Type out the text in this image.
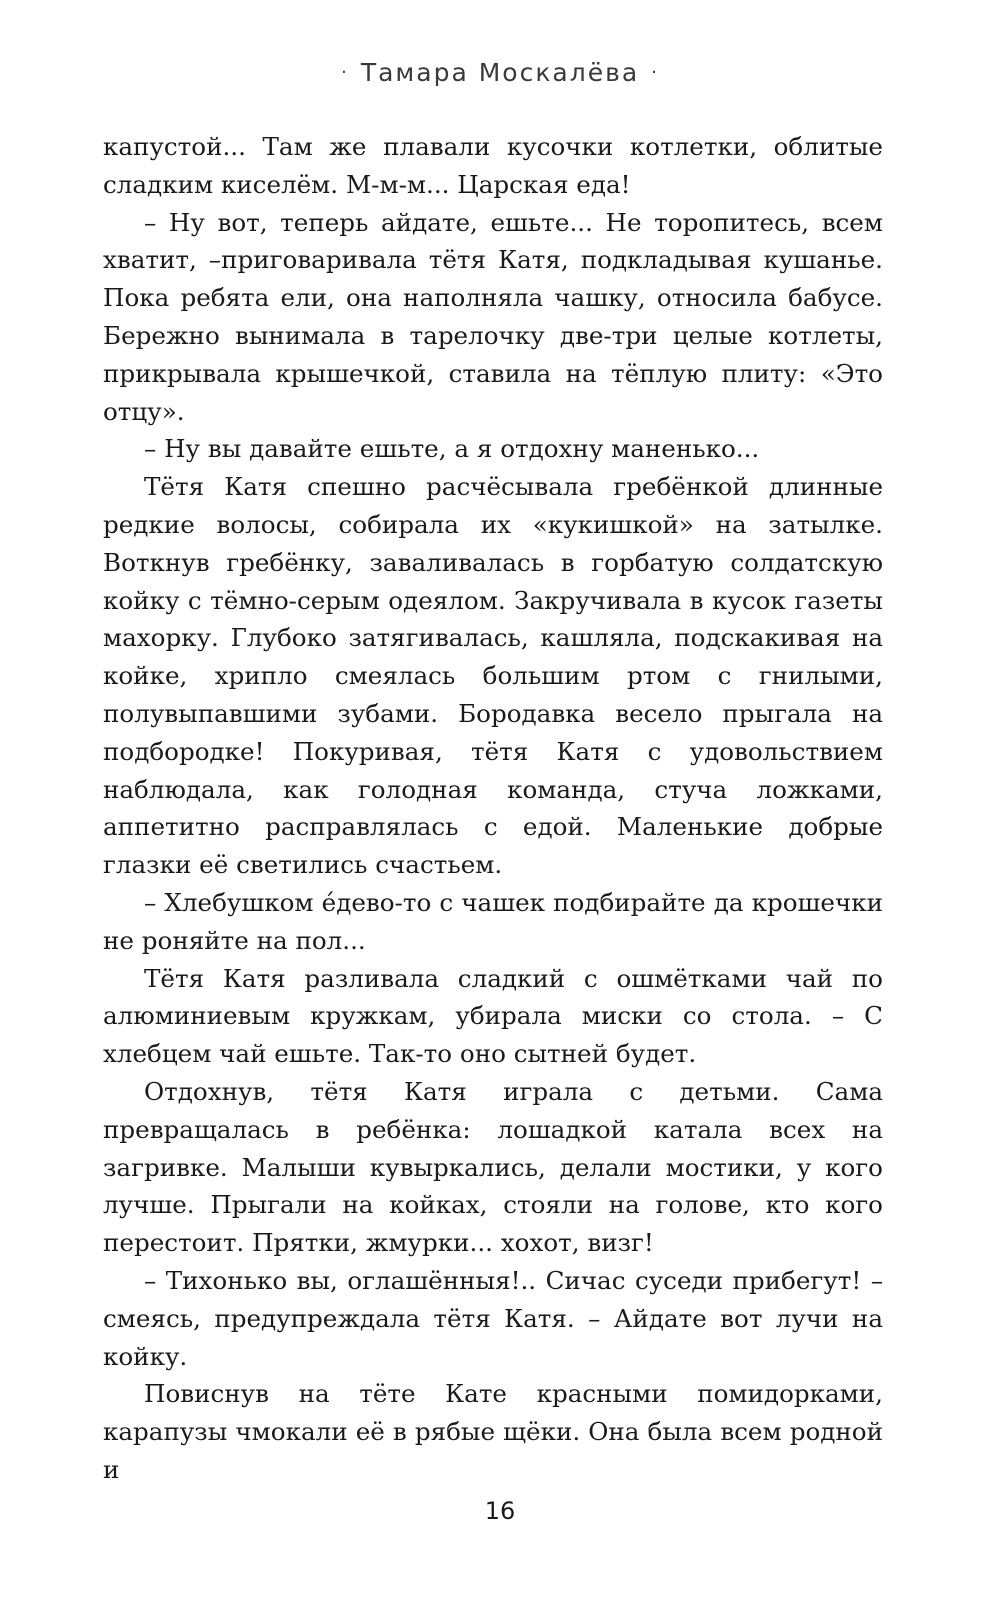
· Тамара Москалёва ·

капустой... Там же плавали кусочки котлетки, облитые сладким киселём. М-м-м... Царская еда!

– Ну вот, теперь айдате, ешьте... Не торопитесь, всем хватит, –приговаривала тётя Катя, подкладывая кушанье. Пока ребята ели, она наполняла чашку, относила бабусе. Бережно вынимала в тарелочку две-три целые котлеты, прикрывала крышечкой, ставила на тёплую плиту: «Это отцу».

– Ну вы давайте ешьте, а я отдохну маненько...

Тётя Катя спешно расчёсывала гребёнкой длинные редкие волосы, собирала их «кукишкой» на затылке. Воткнув гребёнку, заваливалась в горбатую солдатскую койку с тёмно-серым одеялом. Закручивала в кусок газеты махорку. Глубоко затягивалась, кашляла, подскакивая на койке, хрипло смеялась большим ртом с гнилыми, полувыпавшими зубами. Бородавка весело прыгала на подбородке! Покуривая, тётя Катя с удовольствием наблюдала, как голодная команда, стуча ложками, аппетитно расправлялась с едой. Маленькие добрые глазки её светились счастьем.

– Хлебушком е́дево-то с чашек подбирайте да крошечки не роняйте на пол...

Тётя Катя разливала сладкий с ошмётками чай по алюминиевым кружкам, убирала миски со стола. – С хлебцем чай ешьте. Так-то оно сытней будет.

Отдохнув, тётя Катя играла с детьми. Сама превращалась в ребёнка: лошадкой катала всех на загривке. Малыши кувыркались, делали мостики, у кого лучше. Прыгали на койках, стояли на голове, кто кого перестоит. Прятки, жмурки... хохот, визг!

– Тихонько вы, оглашённыя!.. Сичас суседи прибегут! – смеясь, предупреждала тётя Катя. – Айдате вот лучи на койку.

Повиснув на тёте Кате красными помидорками, карапузы чмокали её в рябые щёки. Она была всем родной и

16
